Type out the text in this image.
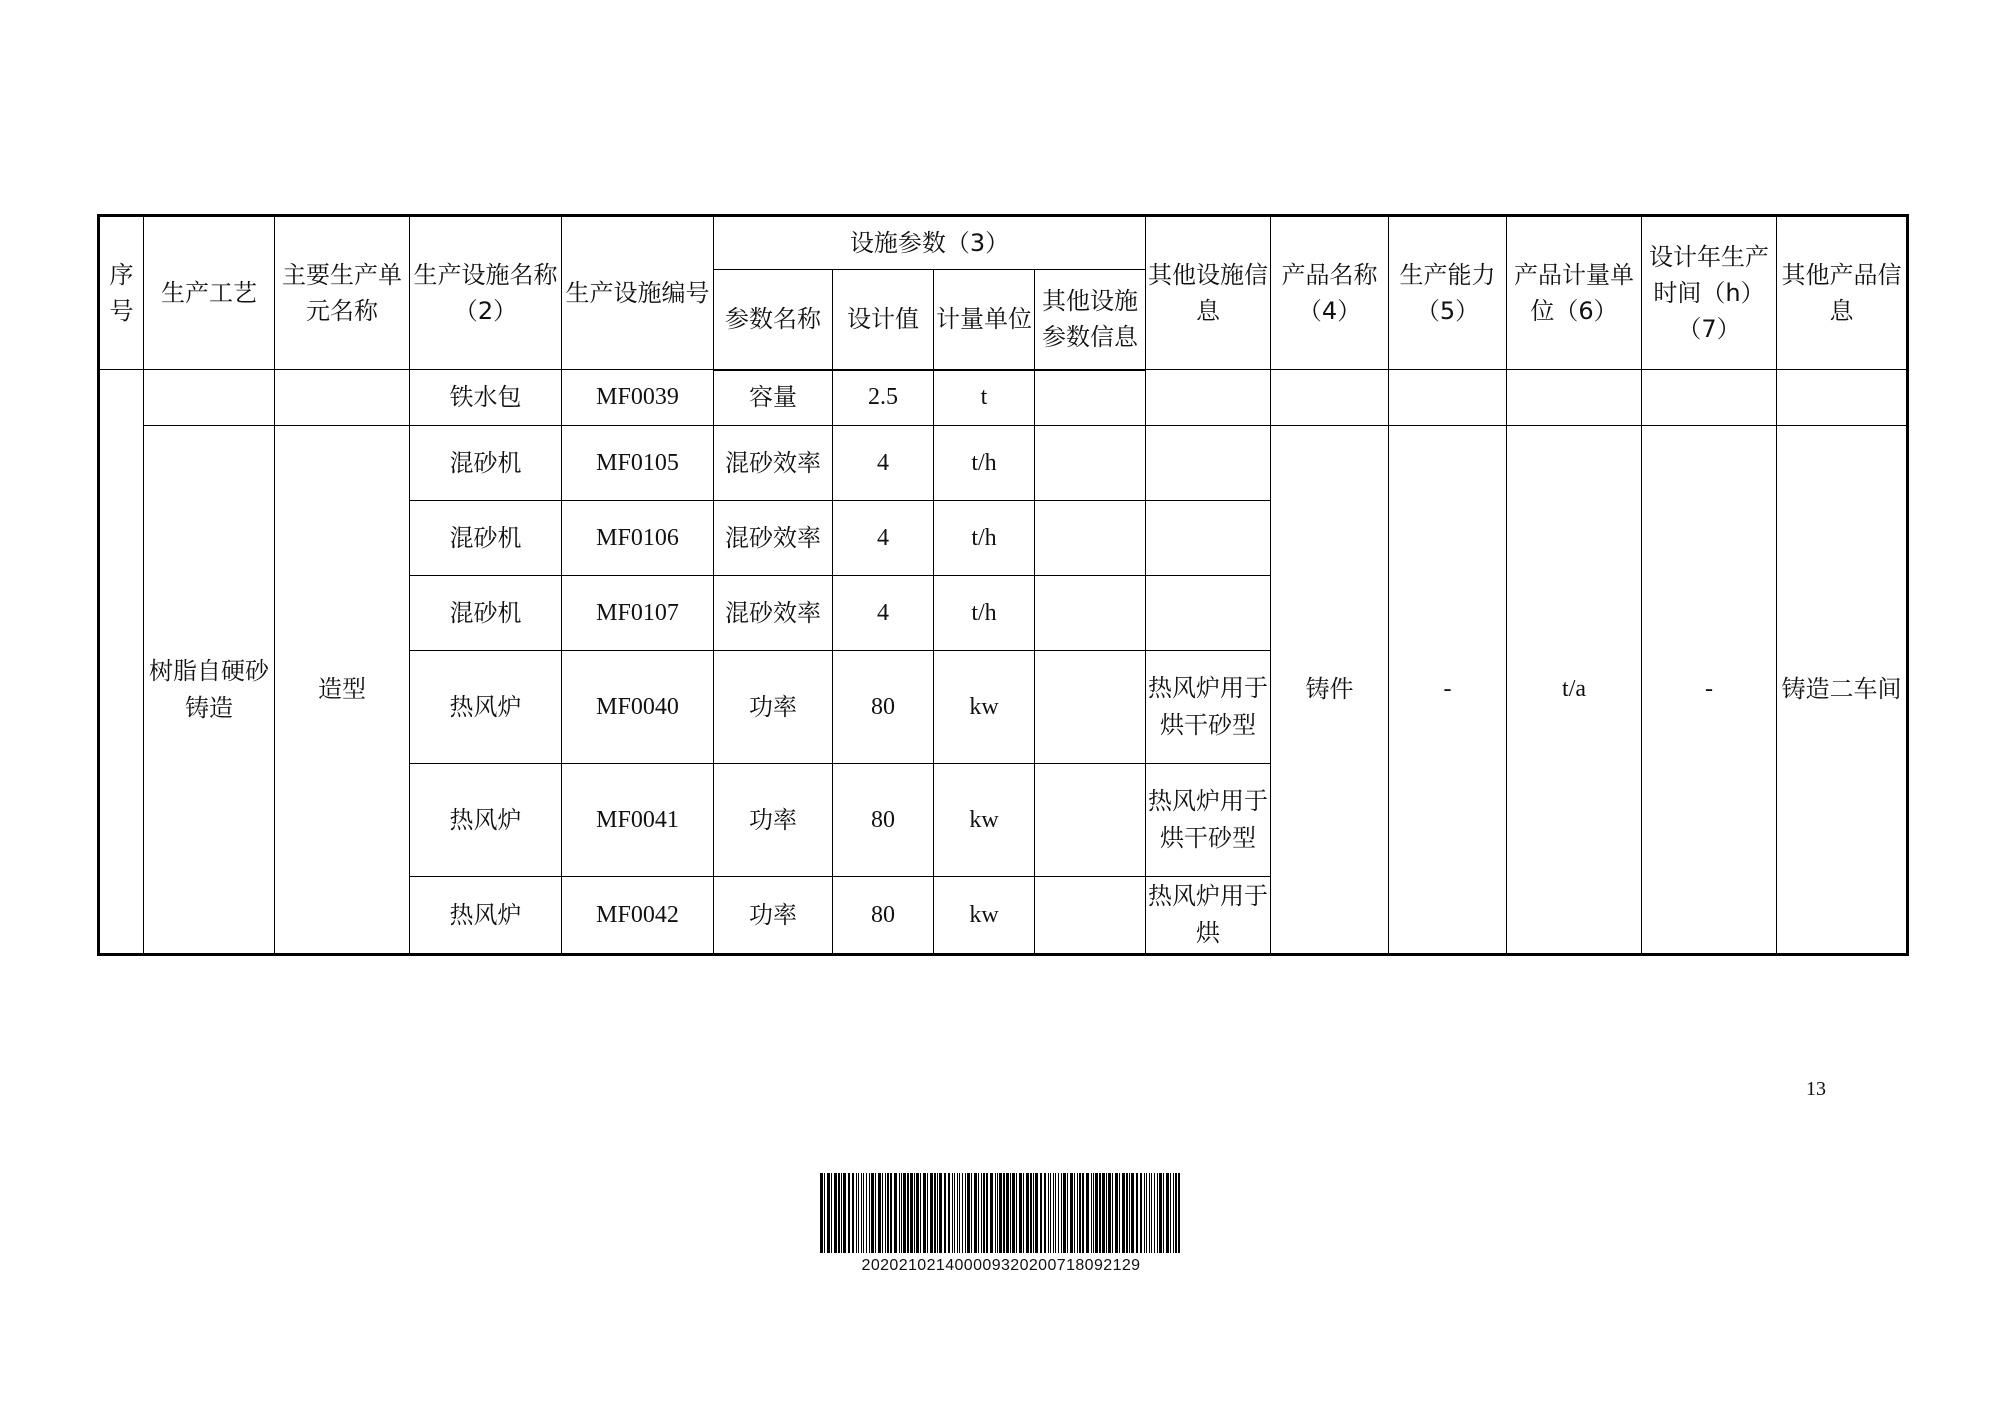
序号	生产工艺	主要生产单元名称	生产设施名称（2）	生产设施编号	设施参数（3）				其他设施信息	产品名称（4）	生产能力（5）	产品计量单位（6）	设计年生产时间（h）（7）	其他产品信息

					参数名称	设计值	计量单位	其他设施参数信息						

			铁水包	MF0039	容量	2.5	t							

	树脂自硬砂铸造	造型	混砂机	MF0105	混砂效率	4	t/h			铸件	-	t/a	-	铸造二车间

			混砂机	MF0106	混砂效率	4	t/h							
			混砂机	MF0107	混砂效率	4	t/h							
			热风炉	MF0040	功率	80	kw		热风炉用于烘干砂型					

			热风炉	MF0041	功率	80	kw		热风炉用于烘干砂型					

			热风炉	MF0042	功率	80	kw		热风炉用于烘					
13
202021021400009320200718092129
